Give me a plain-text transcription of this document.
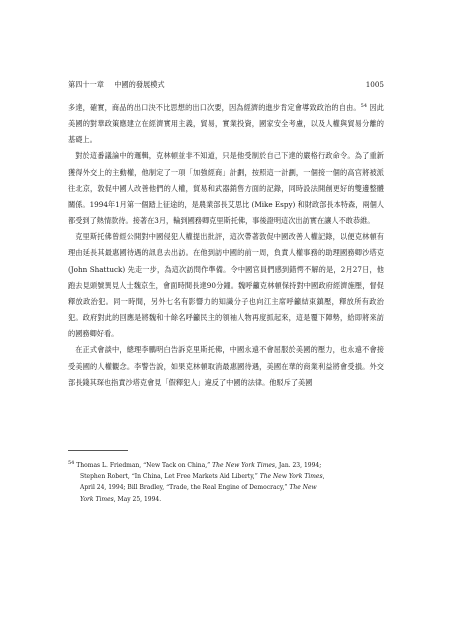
第四十一章 中國的發展模式	1005

多達，確實，商品的出口決不比思想的出口次要，因為經濟的進步肯定會導致政治的自由。$^{54}$ 因此美國的對華政策應建立在經濟實用主義，貿易，實業投資，國家安全考慮，以及人權與貿易分離的基礎上。

對於這番議論中的邏輯，克林頓並非不知道，只是他受制於自己下達的嚴格行政命令。為了重新獲得外交上的主動權，他制定了一項「加強經商」計劃，按照這一計劃，一個接一個的高官將被派往北京，敦促中國人改善他們的人權，貿易和武器銷售方面的記錄，同時設法開創更好的雙邊整體關係。1994年1月第一個踏上征途的，是農業部長艾思比 (Mike Espy) 和財政部長本特森，兩個人都受到了熱情款待。接著在3月，輪到國務卿克里斯托佛，事後證明這次出訪實在讓人不敢恭維。

克里斯托佛曾經公開對中國侵犯人權提出批評，這次帶著敦促中國改善人權記錄，以便克林頓有理由延長其最惠國待遇的訊息去出訪。在他到訪中國的前一周，負責人權事務的助理國務卿沙塔克 (John Shattuck) 先走一步，為這次訪問作準備。令中國官員們感到錯愕不解的是，2月27日，他跑去見頭號異見人士魏京生，會面時間長達90分鐘。魏呼籲克林頓保持對中國政府經濟施壓，督促釋放政治犯。同一時間，另外七名有影響力的知識分子也向江主席呼籲結束鎮壓，釋放所有政治犯。政府對此的回應是將魏和十餘名呼籲民主的領袖人物再度抓起來，這是覆下陣勢，給即將來訪的國務卿好看。

在正式會談中，總理李鵬明白告訴克里斯托佛，中國永遠不會屈服於美國的壓力，也永遠不會接受美國的人權觀念。李警告說，如果克林頓取消最惠國待遇，美國在華的商業利益將會受損。外交部長錢其琛也指責沙塔克會見「假釋犯人」違反了中國的法律。他駁斥了美國

$^{54}$ Thomas L. Friedman, “New Tack on China,” The New York Times, Jan. 23, 1994;
Stephen Robert, “In China, Let Free Markets Aid Liberty,” The New York Times,
April 24, 1994; Bill Bradley, “Trade, the Real Engine of Democracy,” The New
York Times, May 25, 1994.
